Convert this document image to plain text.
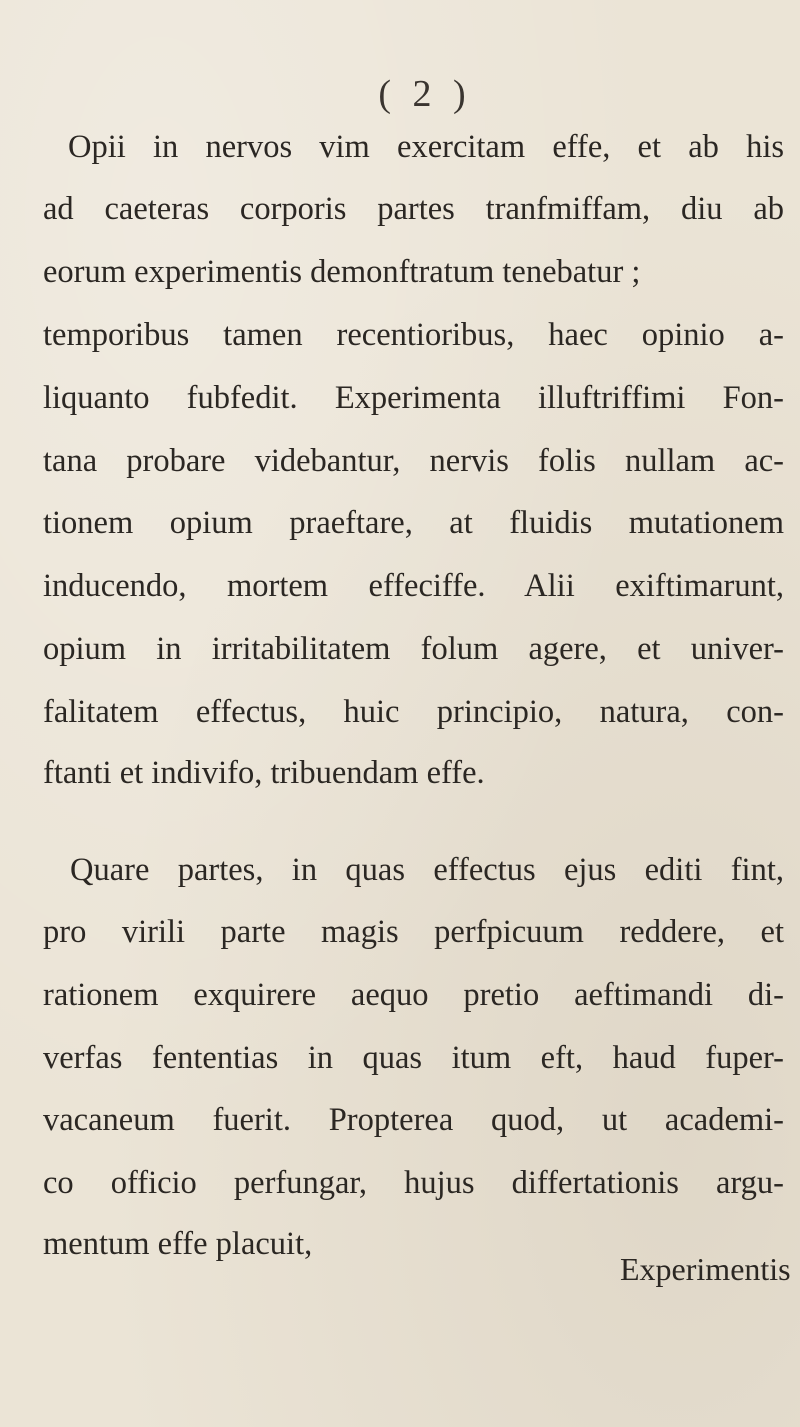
( 2 )
Opii in nervos vim exercitam effe, et ab his
ad caeteras corporis partes tranfmiffam, diu ab
eorum experimentis demonftratum tenebatur ;
temporibus tamen recentioribus, haec opinio a-
liquanto fubfedit. Experimenta illuftriffimi Fon-
tana probare videbantur, nervis folis nullam ac-
tionem opium praeftare, at fluidis mutationem
inducendo, mortem effeciffe. Alii exiftimarunt,
opium in irritabilitatem folum agere, et univer-
falitatem effectus, huic principio, natura, con-
ftanti et indivifo, tribuendam effe.
Quare partes, in quas effectus ejus editi fint,
pro virili parte magis perfpicuum reddere, et
rationem exquirere aequo pretio aeftimandi di-
verfas fententias in quas itum eft, haud fuper-
vacaneum fuerit. Propterea quod, ut academi-
co officio perfungar, hujus differtationis argu-
mentum effe placuit,
Experimentis
